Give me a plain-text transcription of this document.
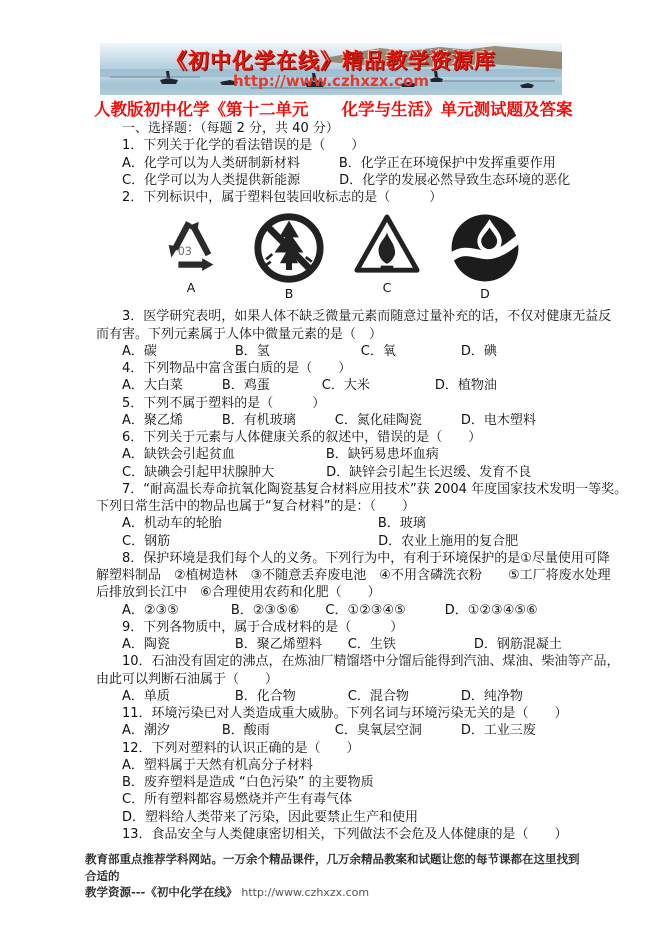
《初中化学在线》精品教学资源库
http://www.czhxzx.com
人教版初中化学《第十二单元　　化学与生活》单元测试题及答案
一、选择题：（每题 2 分，共 40 分）
1．下列关于化学的看法错误的是（　　）
A．化学可以为人类研制新材料　　　B．化学正在环境保护中发挥重要作用
C．化学可以为人类提供新能源　　　D．化学的发展必然导致生态环境的恶化
2．下列标识中，属于塑料包装回收标志的是（　　　）
03
A	B	C	D
3．医学研究表明，如果人体不缺乏微量元素而随意过量补充的话，不仅对健康无益反
而有害。下列元素属于人体中微量元素的是（　）
A．碳　　　　　　B．氢　　　　　　　C．氧　　　　　D．碘
4．下列物品中富含蛋白质的是（　　）
A．大白菜　　　B．鸡蛋　　　　C．大米　　　　　D．植物油
5．下列不属于塑料的是（　　　）
A．聚乙烯　　　B．有机玻璃　　　C．氮化硅陶瓷　　　D．电木塑料
6．下列关于元素与人体健康关系的叙述中，错误的是（　　）
A．缺铁会引起贫血　　　　　　　B．缺钙易患坏血病
C．缺碘会引起甲状腺肿大　　　　D．缺锌会引起生长迟缓、发育不良
7．“耐高温长寿命抗氧化陶瓷基复合材料应用技术”获 2004 年度国家技术发明一等奖。
下列日常生活中的物品也属于“复合材料”的是：（　　）
A．机动车的轮胎　　　　　　　　　　　　B．玻璃
C．钢筋　　　　　　　　　　　　　　　　D．农业上施用的复合肥
8．保护环境是我们每个人的义务。下列行为中，有利于环境保护的是①尽量使用可降
解塑料制品　②植树造林　③不随意丢弃废电池　④不用含磷洗衣粉　　⑤工厂将废水处理
后排放到长江中　⑥合理使用农药和化肥（　　）
A．②③⑤　　　　B．②③⑤⑥　　C．①②③④⑤　　　D．①②③④⑤⑥
9．下列各物质中，属于合成材料的是（　　　）
A．陶瓷　　　　　B．聚乙烯塑料　　C．生铁　　　　　　D．钢筋混凝土
10．石油没有固定的沸点，在炼油厂精馏塔中分馏后能得到汽油、煤油、柴油等产品，
由此可以判断石油属于（　　）
A．单质　　　　　B．化合物　　　　C．混合物　　　　D．纯净物
11．环境污染已对人类造成重大威胁。下列名词与环境污染无关的是（　　）
A．潮汐　　　　B．酸雨　　　　　C．臭氧层空洞　　　D．工业三废
12．下列对塑料的认识正确的是（　　）
A．塑料属于天然有机高分子材料
B．废弃塑料是造成 “白色污染” 的主要物质
C．所有塑料都容易燃烧并产生有毒气体
D．塑料给人类带来了污染，因此要禁止生产和使用
13．食品安全与人类健康密切相关，下列做法不会危及人体健康的是（　　）
教育部重点推荐学科网站。一万余个精品课件，几万余精品教案和试题让您的每节课都在这里找到合适的
教学资源---《初中化学在线》 http://www.czhxzx.com
